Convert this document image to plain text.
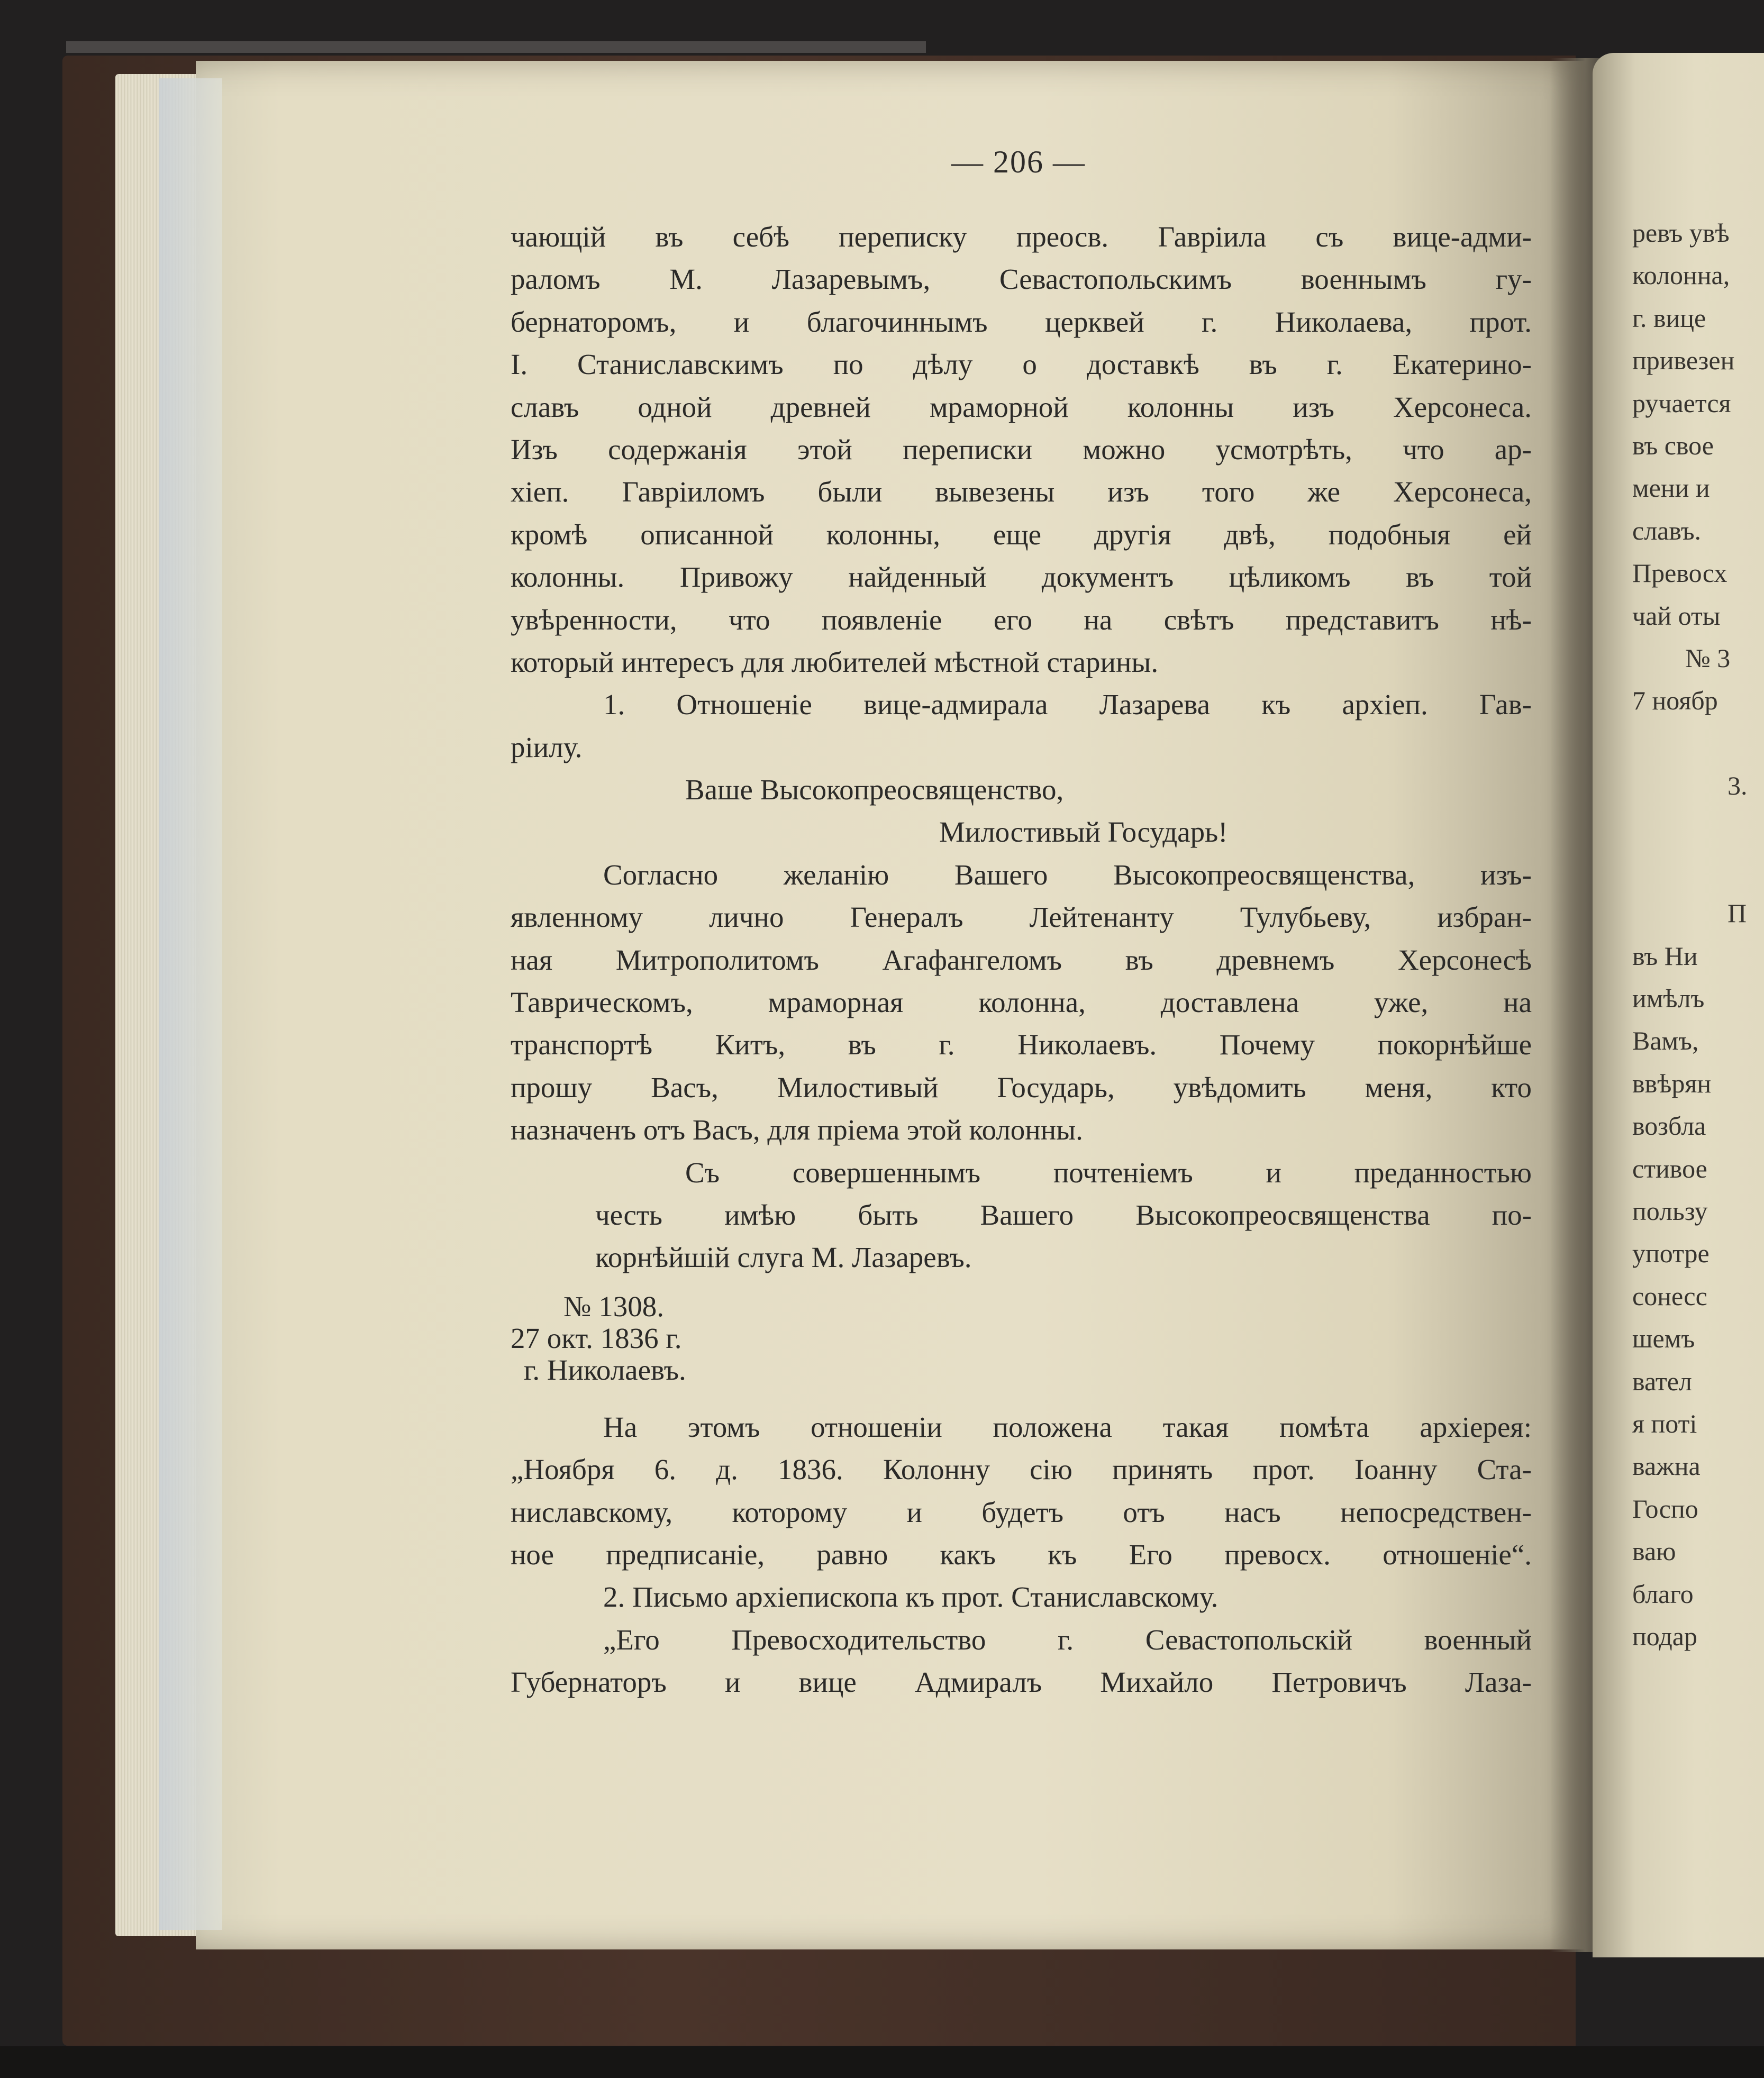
— 206 —
чающій въ себѣ переписку преосв. Гавріила съ вице-адми-
раломъ М. Лазаревымъ, Севастопольскимъ военнымъ гу-
бернаторомъ, и благочиннымъ церквей г. Николаева, прот.
І. Станиславскимъ по дѣлу о доставкѣ въ г. Екатерино-
славъ одной древней мраморной колонны изъ Херсонеса.
Изъ содержанія этой переписки можно усмотрѣть, что ар-
хіеп. Гавріиломъ были вывезены изъ того же Херсонеса,
кромѣ описанной колонны, еще другія двѣ, подобныя ей
колонны. Привожу найденный документъ цѣликомъ въ той
увѣренности, что появленіе его на свѣтъ представитъ нѣ-
который интересъ для любителей мѣстной старины.
1. Отношеніе вице-адмирала Лазарева къ архіеп. Гав-
ріилу.
Ваше Высокопреосвященство,
Милостивый Государь!
Согласно желанію Вашего Высокопреосвященства, изъ-
явленному лично Генералъ Лейтенанту Тулубьеву, избран-
ная Митрополитомъ Агафангеломъ въ древнемъ Херсонесѣ
Таврическомъ, мраморная колонна, доставлена уже, на
транспортѣ Китъ, въ г. Николаевъ. Почему покорнѣйше
прошу Васъ, Милостивый Государь, увѣдомить меня, кто
назначенъ отъ Васъ, для пріема этой колонны.
Съ совершеннымъ почтеніемъ и преданностью
честь имѣю быть Вашего Высокопреосвященства по-
корнѣйшій слуга М. Лазаревъ.
№ 1308.
27 окт. 1836 г.
г. Николаевъ.
На этомъ отношеніи положена такая помѣта архіерея:
„Ноября 6. д. 1836. Колонну сію принять прот. Іоанну Ста-
ниславскому, которому и будетъ отъ насъ непосредствен-
ное предписаніе, равно какъ къ Его превосх. отношеніе“.
2. Письмо архіепископа къ прот. Станиславскому.
„Его Превосходительство г. Севастопольскій военный
Губернаторъ и вице Адмиралъ Михайло Петровичъ Лаза-
ревъ увѣ
колонна,
г. вице
привезен
ручается
въ свое
мени и
славъ.
Превосх
чай оты
№ 3
7 ноябр
3.
П
въ Ни
имѣлъ
Вамъ,
ввѣрян
возбла
стивое
пользу
употре
сонесс
шемъ
вател
я поті
важна
Госпо
ваю
благо
подар
